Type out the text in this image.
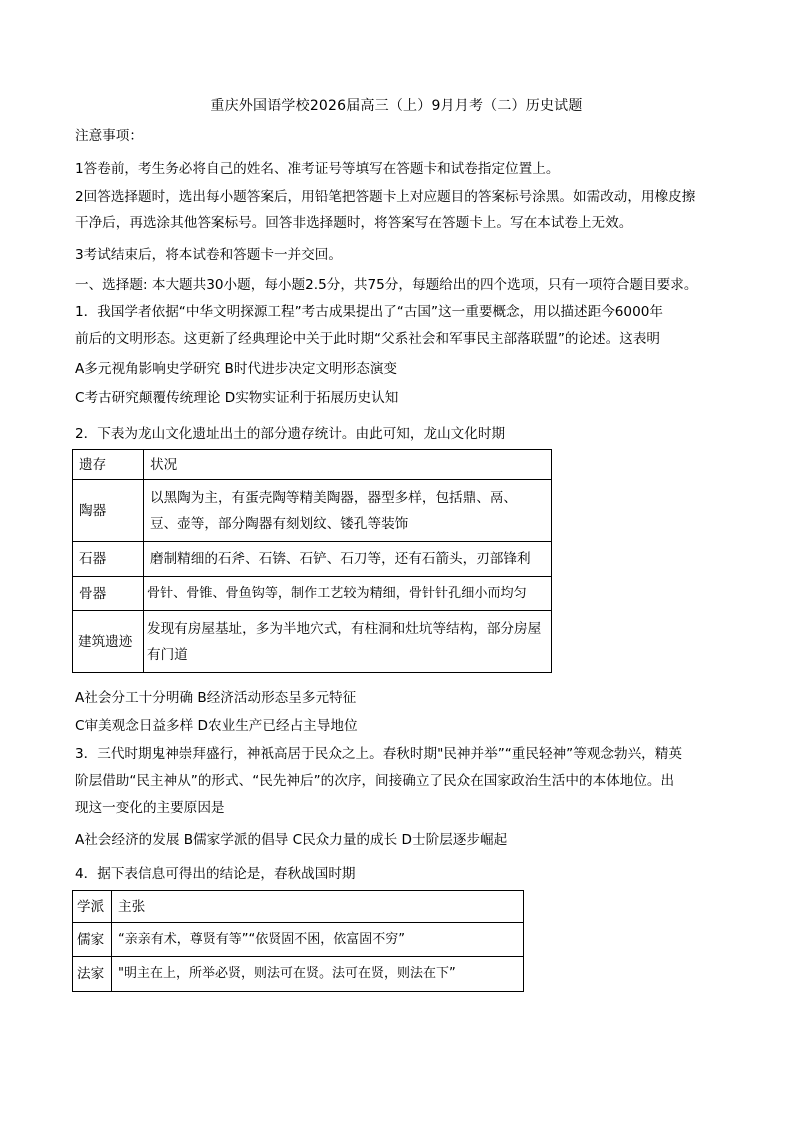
重庆外国语学校2026届高三（上）9月月考（二）历史试题
注意事项：
1答卷前，考生务必将自己的姓名、准考证号等填写在答题卡和试卷指定位置上。
2回答选择题时，选出每小题答案后，用铅笔把答题卡上对应题目的答案标号涂黑。如需改动，用橡皮擦
干净后，再选涂其他答案标号。回答非选择题时，将答案写在答题卡上。写在本试卷上无效。
3考试结束后，将本试卷和答题卡一并交回。
一、选择题: 本大题共30小题，每小题2.5分，共75分，每题给出的四个选项，只有一项符合题目要求。
1．我国学者依据“中华文明探源工程”考古成果提出了“古国”这一重要概念，用以描述距今6000年
前后的文明形态。这更新了经典理论中关于此时期“父系社会和军事民主部落联盟”的论述。这表明
A多元视角影响史学研究 B时代进步决定文明形态演变
C考古研究颠覆传统理论 D实物实证利于拓展历史认知
2．下表为龙山文化遗址出土的部分遗存统计。由此可知，龙山文化时期
遗存	状况
陶器	以黑陶为主，有蛋壳陶等精美陶器，器型多样，包括鼎、鬲、
豆、壶等，部分陶器有刻划纹、镂孔等装饰

石器	磨制精细的石斧、石锛、石铲、石刀等，还有石箭头，刃部锋利
骨器	骨针、骨锥、骨鱼钩等，制作工艺较为精细，骨针针孔细小而均匀
建筑遗迹	发现有房屋基址，多为半地穴式，有柱洞和灶坑等结构，部分房屋
有门道
A社会分工十分明确 B经济活动形态呈多元特征
C审美观念日益多样 D农业生产已经占主导地位
3．三代时期鬼神崇拜盛行，神祇高居于民众之上。春秋时期"民神并举”“重民轻神”等观念勃兴，精英
阶层借助“民主神从”的形式、“民先神后”的次序，间接确立了民众在国家政治生活中的本体地位。出
现这一变化的主要原因是
A社会经济的发展 B儒家学派的倡导 C民众力量的成长 D士阶层逐步崛起
4．据下表信息可得出的结论是，春秋战国时期
学派	主张
儒家	“亲亲有术，尊贤有等”“依贤固不困，依富固不穷”
法家	"明主在上，所举必贤，则法可在贤。法可在贤，则法在下”
